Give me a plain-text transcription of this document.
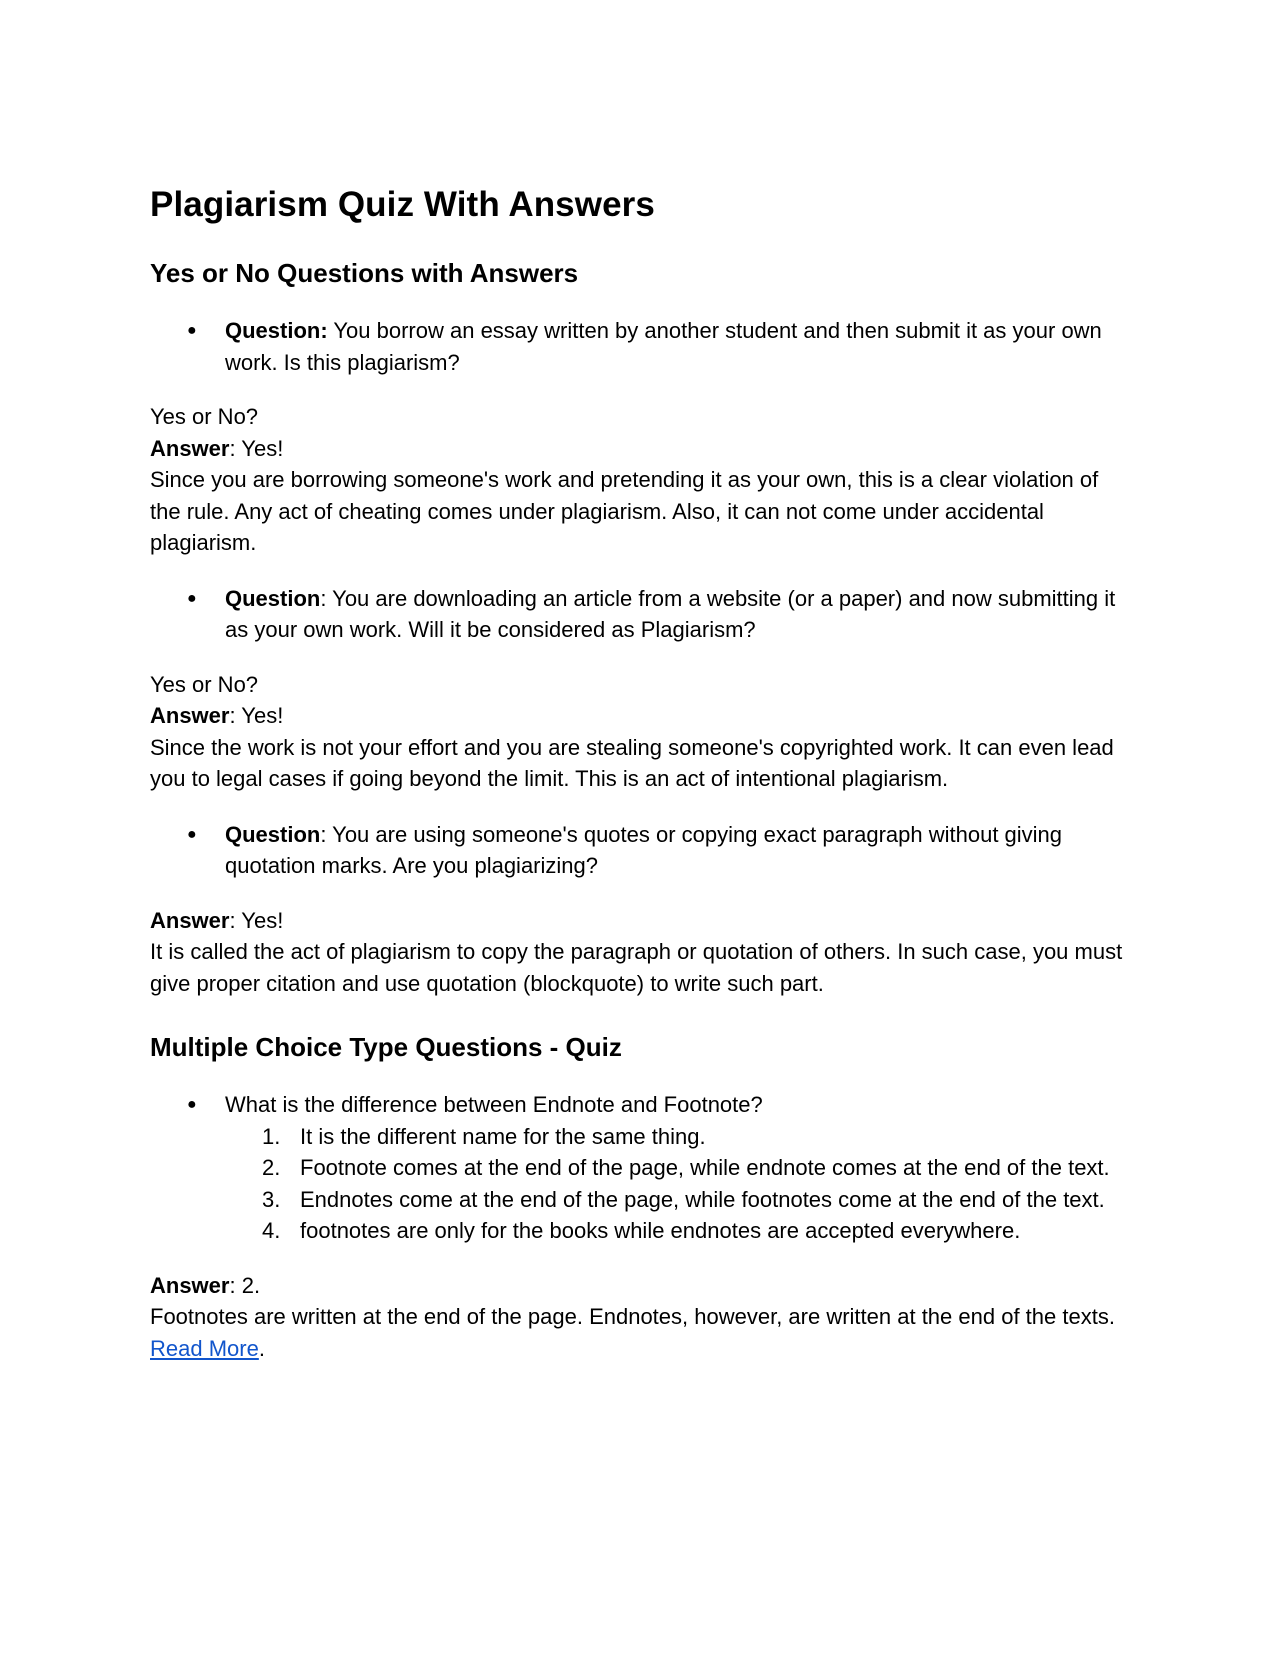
Plagiarism Quiz With Answers
Yes or No Questions with Answers
● Question: You borrow an essay written by another student and then submit it as your own work. Is this plagiarism?

Yes or No?

Answer: Yes!

Since you are borrowing someone's work and pretending it as your own, this is a clear violation of the rule. Any act of cheating comes under plagiarism. Also, it can not come under accidental plagiarism.

● Question: You are downloading an article from a website (or a paper) and now submitting it as your own work. Will it be considered as Plagiarism?

Yes or No?

Answer: Yes!

Since the work is not your effort and you are stealing someone's copyrighted work. It can even lead you to legal cases if going beyond the limit. This is an act of intentional plagiarism.

● Question: You are using someone's quotes or copying exact paragraph without giving quotation marks. Are you plagiarizing?

Answer: Yes!

It is called the act of plagiarism to copy the paragraph or quotation of others. In such case, you must give proper citation and use quotation (blockquote) to write such part.

Multiple Choice Type Questions - Quiz
● What is the difference between Endnote and Footnote?
1. It is the different name for the same thing.
2. Footnote comes at the end of the page, while endnote comes at the end of the text.
3. Endnotes come at the end of the page, while footnotes come at the end of the text.
4. footnotes are only for the books while endnotes are accepted everywhere.

Answer: 2.

Footnotes are written at the end of the page. Endnotes, however, are written at the end of the texts. Read More.
